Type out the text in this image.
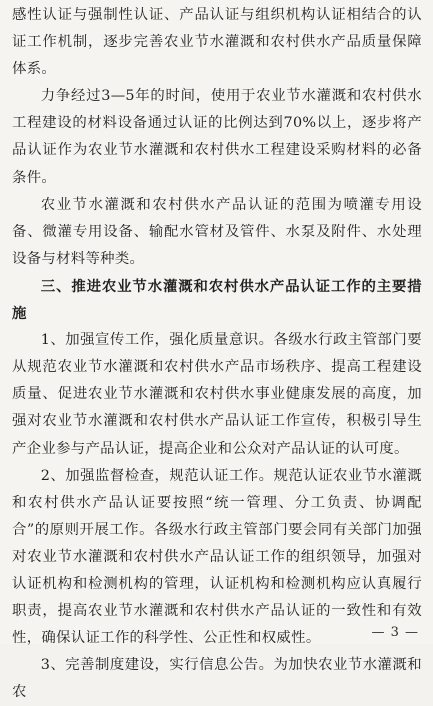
感性认证与强制性认证、产品认证与组织机构认证相结合的认证工作机制，逐步完善农业节水灌溉和农村供水产品质量保障体系。

力争经过3—5年的时间，使用于农业节水灌溉和农村供水工程建设的材料设备通过认证的比例达到70%以上，逐步将产品认证作为农业节水灌溉和农村供水工程建设采购材料的必备条件。

农业节水灌溉和农村供水产品认证的范围为喷灌专用设备、微灌专用设备、输配水管材及管件、水泵及附件、水处理设备与材料等种类。

三、推进农业节水灌溉和农村供水产品认证工作的主要措施

1、加强宣传工作，强化质量意识。各级水行政主管部门要从规范农业节水灌溉和农村供水产品市场秩序、提高工程建设质量、促进农业节水灌溉和农村供水事业健康发展的高度，加强对农业节水灌溉和农村供水产品认证工作宣传，积极引导生产企业参与产品认证，提高企业和公众对产品认证的认可度。

2、加强监督检查，规范认证工作。规范认证农业节水灌溉和农村供水产品认证要按照“统一管理、分工负责、协调配合”的原则开展工作。各级水行政主管部门要会同有关部门加强对农业节水灌溉和农村供水产品认证工作的组织领导，加强对认证机构和检测机构的管理，认证机构和检测机构应认真履行职责，提高农业节水灌溉和农村供水产品认证的一致性和有效性，确保认证工作的科学性、公正性和权威性。

3、完善制度建设，实行信息公告。为加快农业节水灌溉和农

— 3 —
